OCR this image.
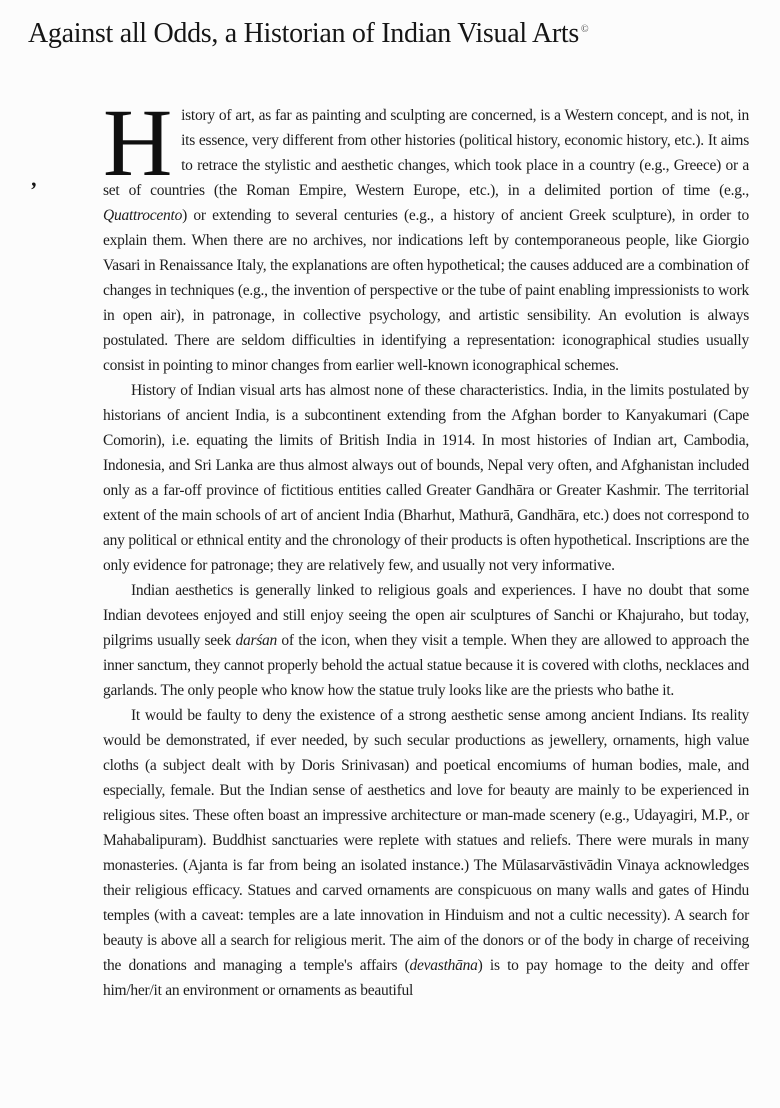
Against all Odds, a Historian of Indian Visual Arts ©
, History of art, as far as painting and sculpting are concerned, is a Western concept, and is not, in its essence, very different from other histories (political history, economic history, etc.). It aims to retrace the stylistic and aesthetic changes, which took place in a country (e.g., Greece) or a set of countries (the Roman Empire, Western Europe, etc.), in a delimited portion of time (e.g., Quattrocento) or extending to several centuries (e.g., a history of ancient Greek sculpture), in order to explain them. When there are no archives, nor indications left by contemporaneous people, like Giorgio Vasari in Renaissance Italy, the explanations are often hypothetical; the causes adduced are a combination of changes in techniques (e.g., the invention of perspective or the tube of paint enabling impressionists to work in open air), in patronage, in collective psychology, and artistic sensibility. An evolution is always postulated. There are seldom difficulties in identifying a representation: iconographical studies usually consist in pointing to minor changes from earlier well-known iconographical schemes.

History of Indian visual arts has almost none of these characteristics. India, in the limits postulated by historians of ancient India, is a subcontinent extending from the Afghan border to Kanyakumari (Cape Comorin), i.e. equating the limits of British India in 1914. In most histories of Indian art, Cambodia, Indonesia, and Sri Lanka are thus almost always out of bounds, Nepal very often, and Afghanistan included only as a far-off province of fictitious entities called Greater Gandhāra or Greater Kashmir. The territorial extent of the main schools of art of ancient India (Bharhut, Mathurā, Gandhāra, etc.) does not correspond to any political or ethnical entity and the chronology of their products is often hypothetical. Inscriptions are the only evidence for patronage; they are relatively few, and usually not very informative.

Indian aesthetics is generally linked to religious goals and experiences. I have no doubt that some Indian devotees enjoyed and still enjoy seeing the open air sculptures of Sanchi or Khajuraho, but today, pilgrims usually seek darśan of the icon, when they visit a temple. When they are allowed to approach the inner sanctum, they cannot properly behold the actual statue because it is covered with cloths, necklaces and garlands. The only people who know how the statue truly looks like are the priests who bathe it.

It would be faulty to deny the existence of a strong aesthetic sense among ancient Indians. Its reality would be demonstrated, if ever needed, by such secular productions as jewellery, ornaments, high value cloths (a subject dealt with by Doris Srinivasan) and poetical encomiums of human bodies, male, and especially, female. But the Indian sense of aesthetics and love for beauty are mainly to be experienced in religious sites. These often boast an impressive architecture or man-made scenery (e.g., Udayagiri, M.P., or Mahabalipuram). Buddhist sanctuaries were replete with statues and reliefs. There were murals in many monasteries. (Ajanta is far from being an isolated instance.) The Mūlasarvāstivādin Vinaya acknowledges their religious efficacy. Statues and carved ornaments are conspicuous on many walls and gates of Hindu temples (with a caveat: temples are a late innovation in Hinduism and not a cultic necessity). A search for beauty is above all a search for religious merit. The aim of the donors or of the body in charge of receiving the donations and managing a temple's affairs (devasthāna) is to pay homage to the deity and offer him/her/it an environment or ornaments as beautiful
